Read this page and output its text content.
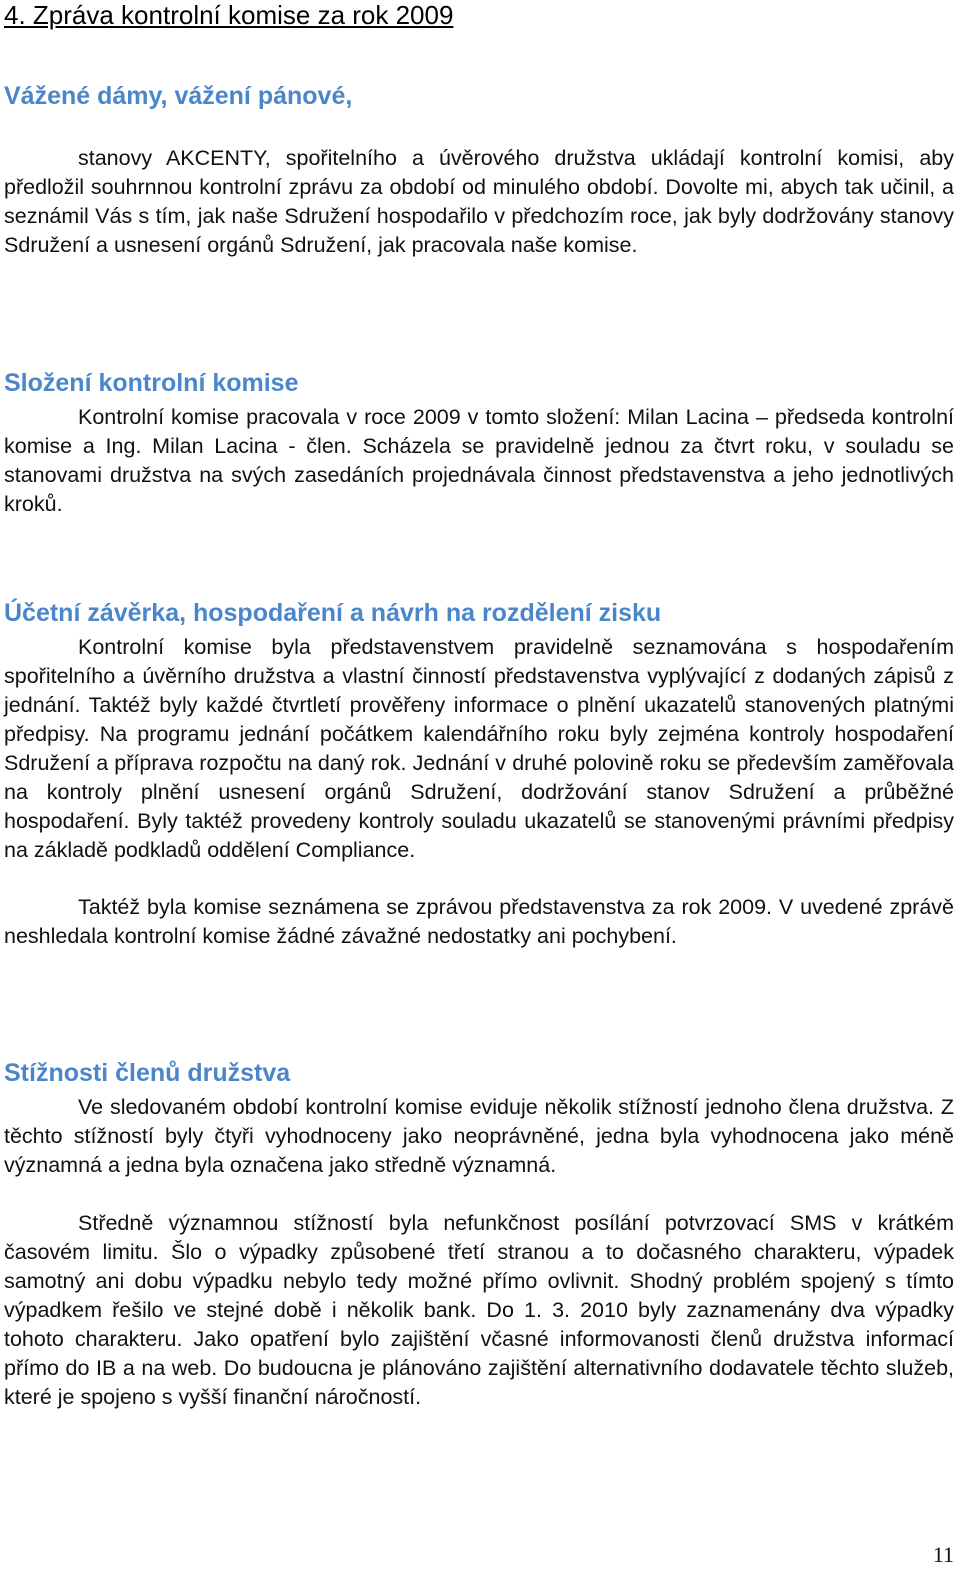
4. Zpráva kontrolní komise za rok 2009
Vážené dámy, vážení pánové,

stanovy AKCENTY, spořitelního a úvěrového družstva ukládají kontrolní komisi, aby předložil souhrnnou kontrolní zprávu za období od minulého období. Dovolte mi, abych tak učinil, a seznámil Vás s tím, jak naše Sdružení hospodařilo v předchozím roce, jak byly dodržovány stanovy Sdružení a usnesení orgánů Sdružení, jak pracovala naše komise.

Složení kontrolní komise

Kontrolní komise pracovala v roce 2009 v tomto složení: Milan Lacina – předseda kontrolní komise a Ing. Milan Lacina - člen. Scházela se pravidelně jednou za čtvrt roku, v souladu se stanovami družstva na svých zasedáních projednávala činnost představenstva a jeho jednotlivých kroků.

Účetní závěrka, hospodaření a návrh na rozdělení zisku

Kontrolní komise byla představenstvem pravidelně seznamována s hospodařením spořitelního a úvěrního družstva a vlastní činností představenstva vyplývající z dodaných zápisů z jednání. Taktéž byly každé čtvrtletí prověřeny informace o plnění ukazatelů stanovených platnými předpisy. Na programu jednání počátkem kalendářního roku byly zejména kontroly hospodaření Sdružení a příprava rozpočtu na daný rok. Jednání v druhé polovině roku se především zaměřovala na kontroly plnění usnesení orgánů Sdružení, dodržování stanov Sdružení a průběžné hospodaření. Byly taktéž provedeny kontroly souladu ukazatelů se stanovenými právními předpisy na základě podkladů oddělení Compliance.

Taktéž byla komise seznámena se zprávou představenstva za rok 2009. V uvedené zprávě neshledala kontrolní komise žádné závažné nedostatky ani pochybení.

Stížnosti členů družstva

Ve sledovaném období kontrolní komise eviduje několik stížností jednoho člena družstva. Z těchto stížností byly čtyři vyhodnoceny jako neoprávněné, jedna byla vyhodnocena jako méně významná a jedna byla označena jako středně významná.

Středně významnou stížností byla nefunkčnost posílání potvrzovací SMS v krátkém časovém limitu. Šlo o výpadky způsobené třetí stranou a to dočasného charakteru, výpadek samotný ani dobu výpadku nebylo tedy možné přímo ovlivnit. Shodný problém spojený s tímto výpadkem řešilo ve stejné době i několik bank. Do 1. 3. 2010 byly zaznamenány dva výpadky tohoto charakteru. Jako opatření bylo zajištění včasné informovanosti členů družstva informací přímo do IB a na web. Do budoucna je plánováno zajištění alternativního dodavatele těchto služeb, které je spojeno s vyšší finanční náročností.

11
